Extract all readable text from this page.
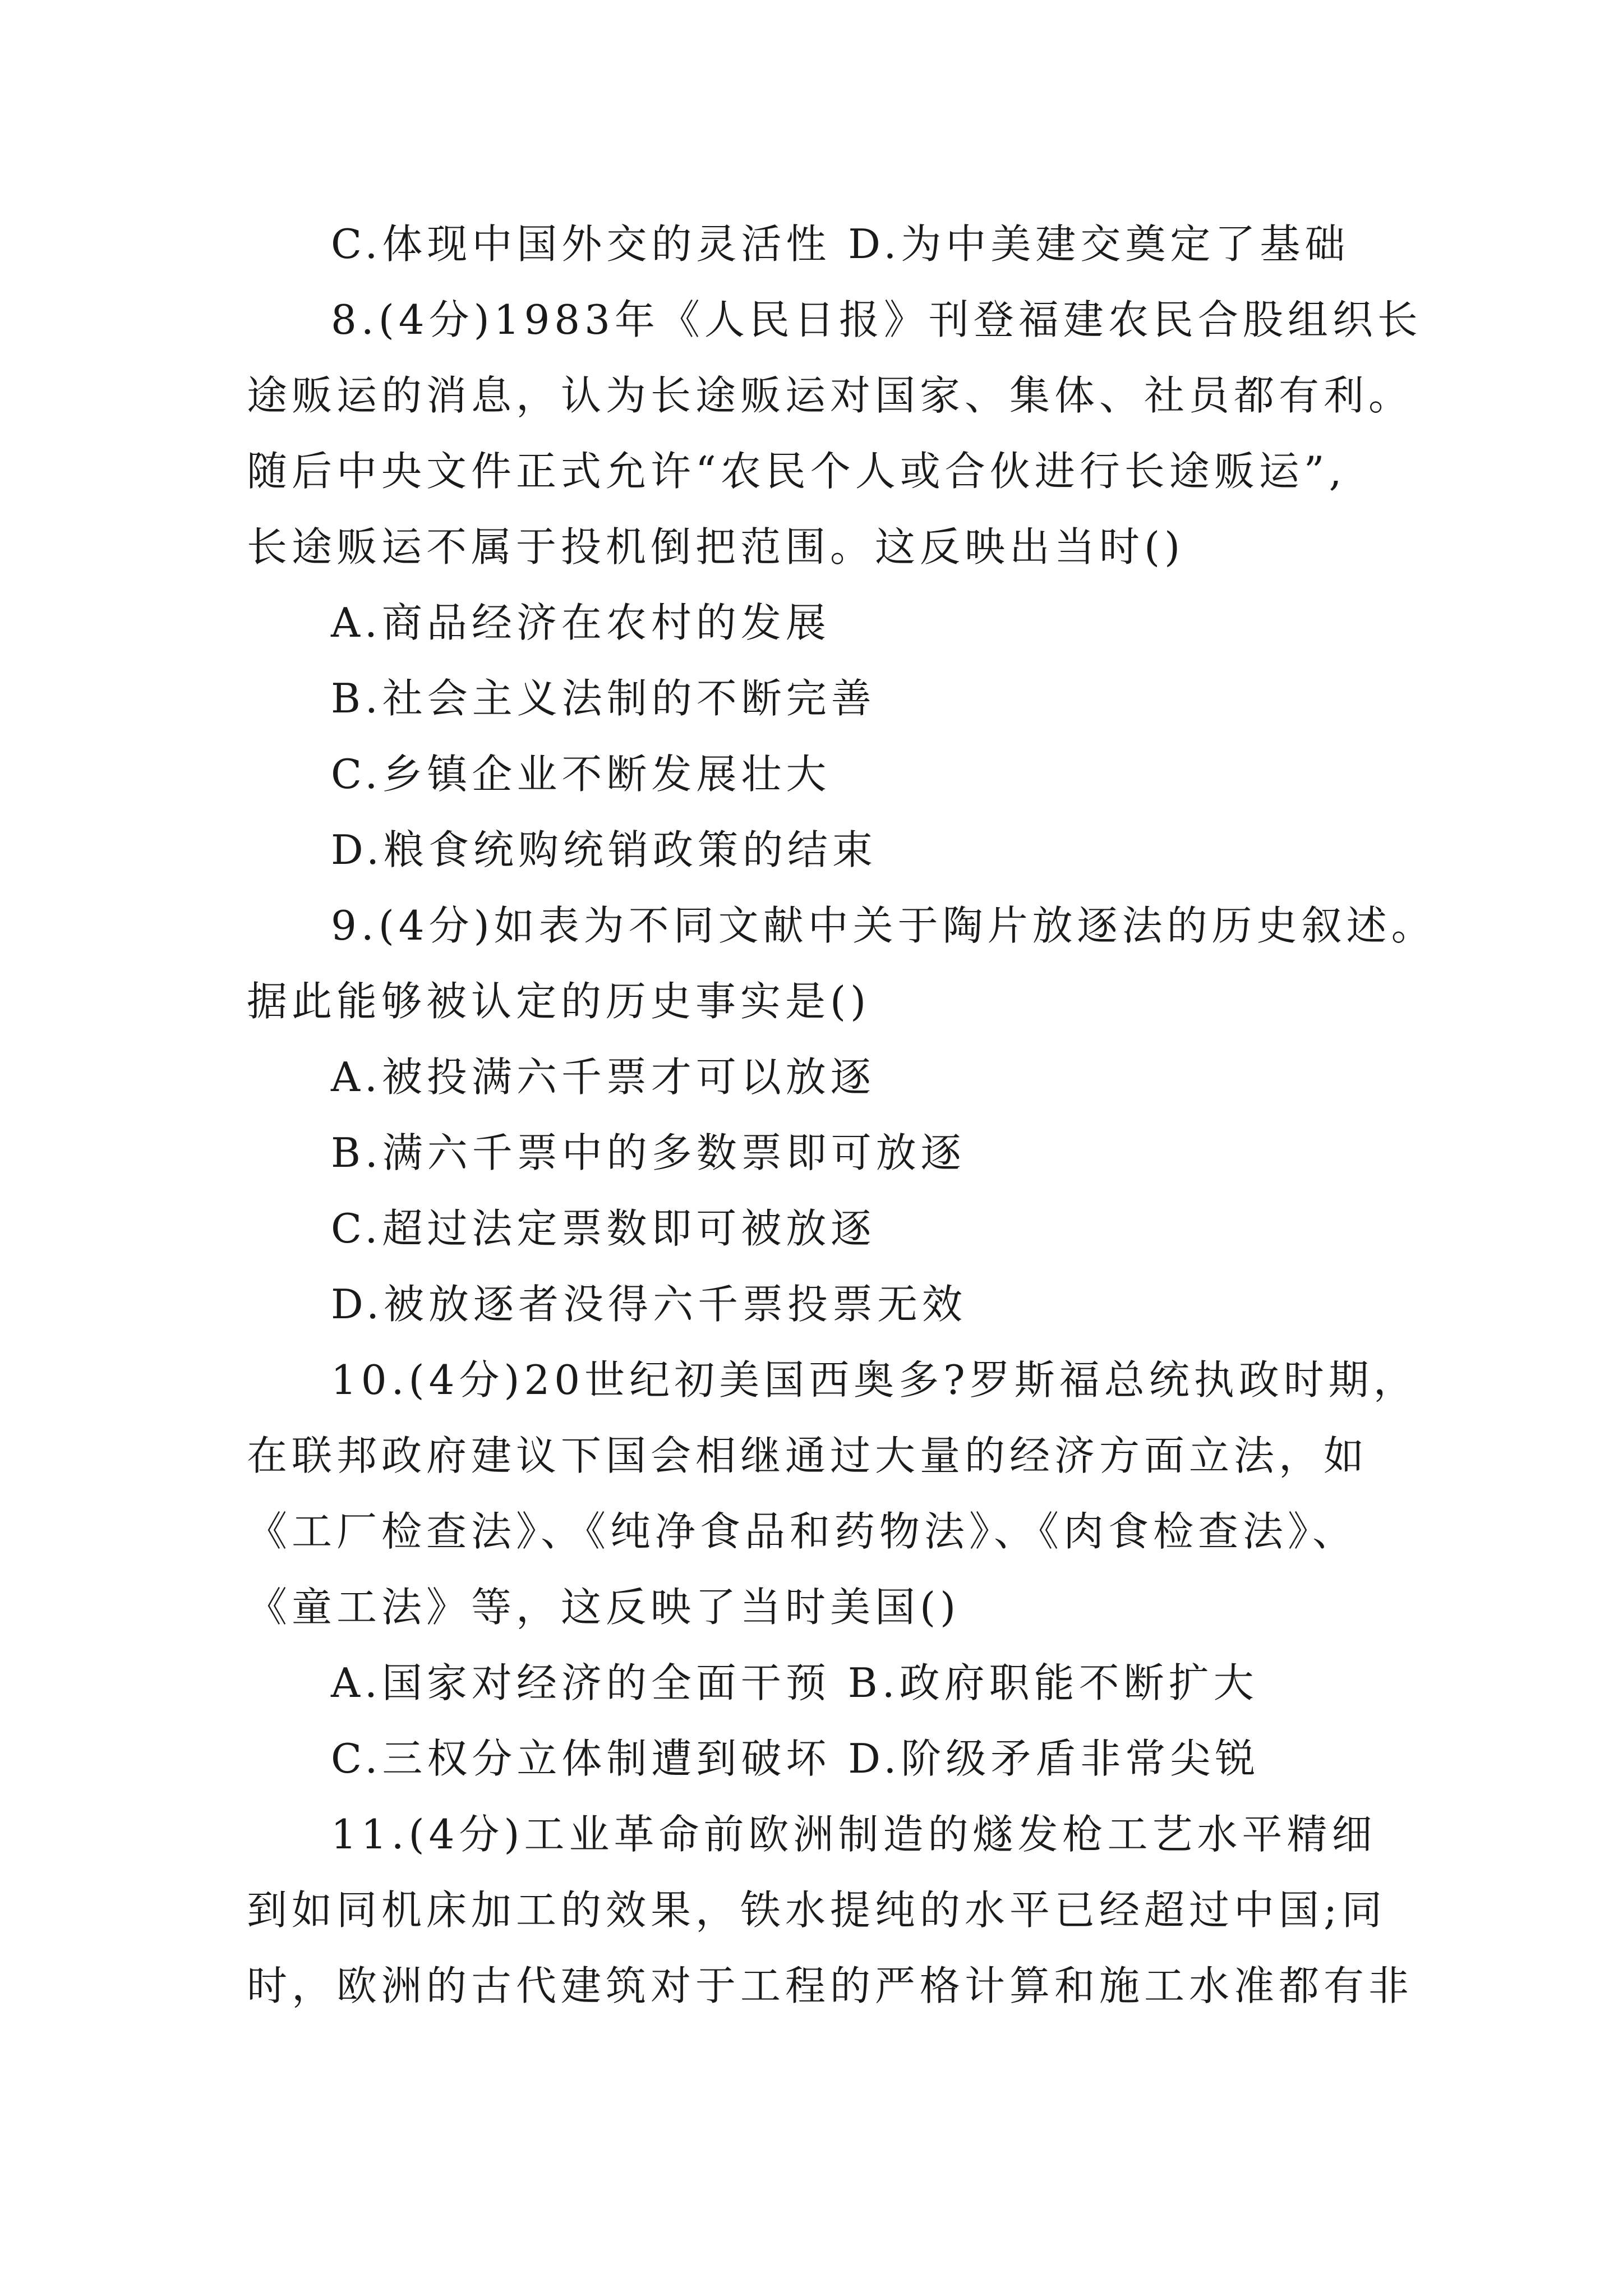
C.体现中国外交的灵活性 D.为中美建交奠定了基础
8.(4分)1983年《人民日报》刊登福建农民合股组织长
途贩运的消息，认为长途贩运对国家、集体、社员都有利。
随后中央文件正式允许“农民个人或合伙进行长途贩运”,
长途贩运不属于投机倒把范围。这反映出当时()
A.商品经济在农村的发展
B.社会主义法制的不断完善
C.乡镇企业不断发展壮大
D.粮食统购统销政策的结束
9.(4分)如表为不同文献中关于陶片放逐法的历史叙述。
据此能够被认定的历史事实是()
A.被投满六千票才可以放逐
B.满六千票中的多数票即可放逐
C.超过法定票数即可被放逐
D.被放逐者没得六千票投票无效
10.(4分)20世纪初美国西奥多?罗斯福总统执政时期，
在联邦政府建议下国会相继通过大量的经济方面立法，如
《工厂检查法》、《纯净食品和药物法》、《肉食检查法》、
《童工法》等，这反映了当时美国()
A.国家对经济的全面干预 B.政府职能不断扩大
C.三权分立体制遭到破坏 D.阶级矛盾非常尖锐
11.(4分)工业革命前欧洲制造的燧发枪工艺水平精细
到如同机床加工的效果，铁水提纯的水平已经超过中国;同
时，欧洲的古代建筑对于工程的严格计算和施工水准都有非
